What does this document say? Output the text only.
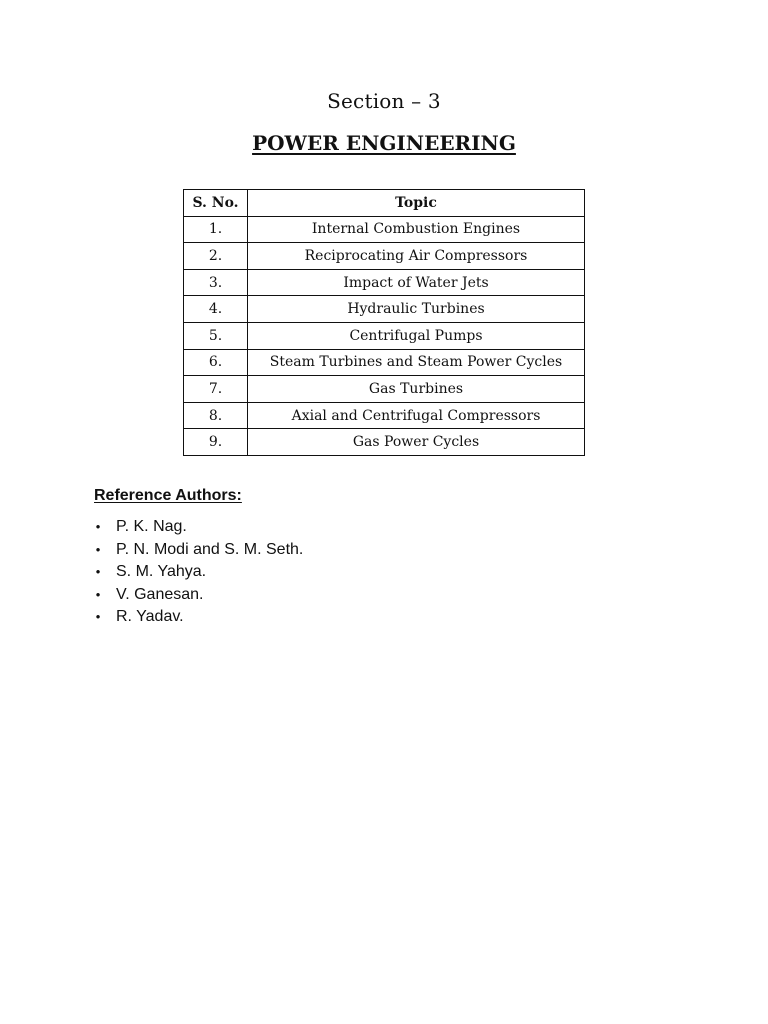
Section – 3
POWER ENGINEERING
S. No.	Topic
1.	Internal Combustion Engines
2.	Reciprocating Air Compressors
3.	Impact of Water Jets
4.	Hydraulic Turbines
5.	Centrifugal Pumps
6.	Steam Turbines and Steam Power Cycles
7.	Gas Turbines
8.	Axial and Centrifugal Compressors
9.	Gas Power Cycles
Reference Authors:
• P. K. Nag.
• P. N. Modi and S. M. Seth.
• S. M. Yahya.
• V. Ganesan.
• R. Yadav.
